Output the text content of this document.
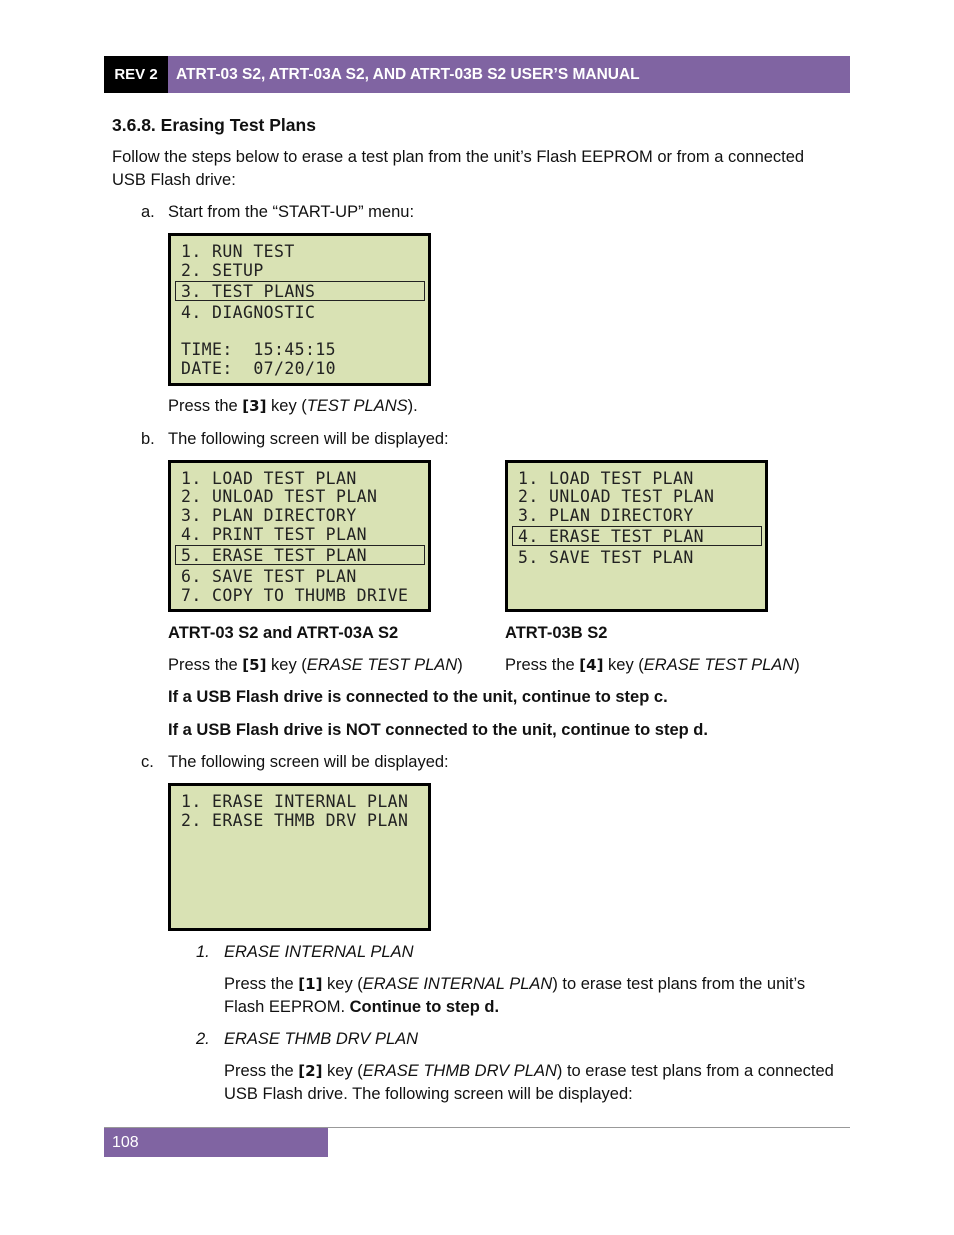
REV 2	ATRT-03 S2, ATRT-03A S2, AND ATRT-03B S2 USER’S MANUAL
3.6.8. Erasing Test Plans
Follow the steps below to erase a test plan from the unit’s Flash EEPROM or from a connected
USB Flash drive:
a. Start from the “START-UP” menu:
1. RUN TEST
2. SETUP
3. TEST PLANS
4. DIAGNOSTIC
TIME:  15:45:15
DATE:  07/20/10
Press the [3] key (TEST PLANS).
b. The following screen will be displayed:
1. LOAD TEST PLAN
2. UNLOAD TEST PLAN
3. PLAN DIRECTORY
4. PRINT TEST PLAN
5. ERASE TEST PLAN
6. SAVE TEST PLAN
7. COPY TO THUMB DRIVE
1. LOAD TEST PLAN
2. UNLOAD TEST PLAN
3. PLAN DIRECTORY
4. ERASE TEST PLAN
5. SAVE TEST PLAN
ATRT-03 S2 and ATRT-03A S2	ATRT-03B S2
Press the [5] key (ERASE TEST PLAN)	Press the [4] key (ERASE TEST PLAN)
If a USB Flash drive is connected to the unit, continue to step c.
If a USB Flash drive is NOT connected to the unit, continue to step d.
c. The following screen will be displayed:
1. ERASE INTERNAL PLAN
2. ERASE THMB DRV PLAN
1. ERASE INTERNAL PLAN
Press the [1] key (ERASE INTERNAL PLAN) to erase test plans from the unit’s
Flash EEPROM. Continue to step d.
2. ERASE THMB DRV PLAN
Press the [2] key (ERASE THMB DRV PLAN) to erase test plans from a connected
USB Flash drive. The following screen will be displayed:
108
